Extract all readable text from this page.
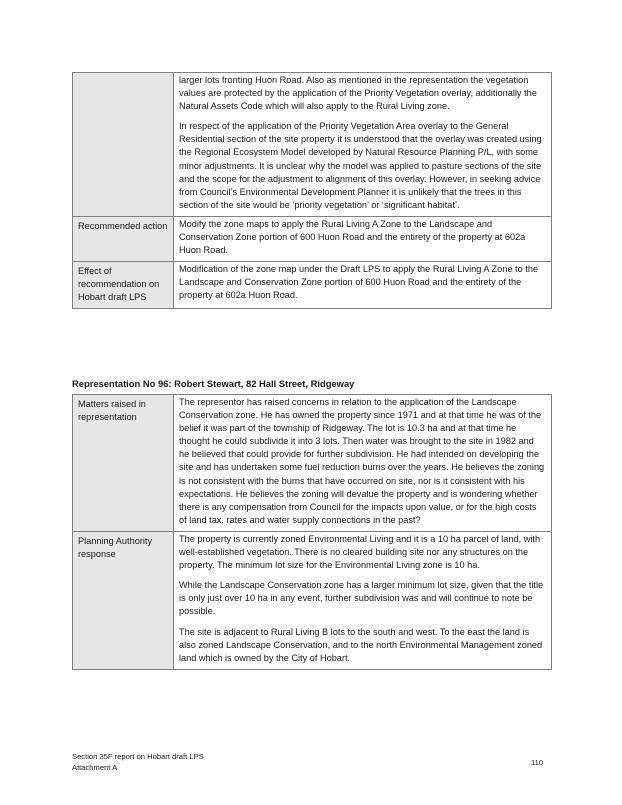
	larger lots fronting Huon Road. Also as mentioned in the representation the vegetation values are protected by the application of the Priority Vegetation overlay, additionally the Natural Assets Code which will also apply to the Rural Living zone.

In respect of the application of the Priority Vegetation Area overlay to the General Residential section of the site property it is understood that the overlay was created using the Regional Ecosystem Model developed by Natural Resource Planning P/L, with some minor adjustments. It is unclear why the model was applied to pasture sections of the site and the scope for the adjustment to alignment of this overlay. However, in seeking advice from Council’s Environmental Development Planner it is unlikely that the trees in this section of the site would be ‘priority vegetation’ or ‘significant habitat’.

Recommended action	Modify the zone maps to apply the Rural Living A Zone to the Landscape and Conservation Zone portion of 600 Huon Road and the entirety of the property at 602a Huon Road.

Effect of recommendation on Hobart draft LPS	Modification of the zone map under the Draft LPS to apply the Rural Living A Zone to the Landscape and Conservation Zone portion of 600 Huon Road and the entirety of the property at 602a Huon Road.

Representation No 96: Robert Stewart, 82 Hall Street, Ridgeway
Matters raised in representation	The representor has raised concerns in relation to the application of the Landscape Conservation zone. He has owned the property since 1971 and at that time he was of the belief it was part of the township of Ridgeway. The lot is 10.3 ha and at that time he thought he could subdivide it into 3 lots. Then water was brought to the site in 1982 and he believed that could provide for further subdivision. He had intended on developing the site and has undertaken some fuel reduction burns over the years. He believes the zoning is not consistent with the burns that have occurred on site, nor is it consistent with his expectations. He believes the zoning will devalue the property and is wondering whether there is any compensation from Council for the impacts upon value, or for the high costs of land tax, rates and water supply connections in the past?

Planning Authority response	The property is currently zoned Environmental Living and it is a 10 ha parcel of land, with well-established vegetation. There is no cleared building site nor any structures on the property. The minimum lot size for the Environmental Living zone is 10 ha.

While the Landscape Conservation zone has a larger minimum lot size, given that the title is only just over 10 ha in any event, further subdivision was and will continue to note be possible.

The site is adjacent to Rural Living B lots to the south and west. To the east the land is also zoned Landscape Conservation, and to the north Environmental Management zoned land which is owned by the City of Hobart.

Section 35F report on Hobart draft LPS
Attachment A
110
